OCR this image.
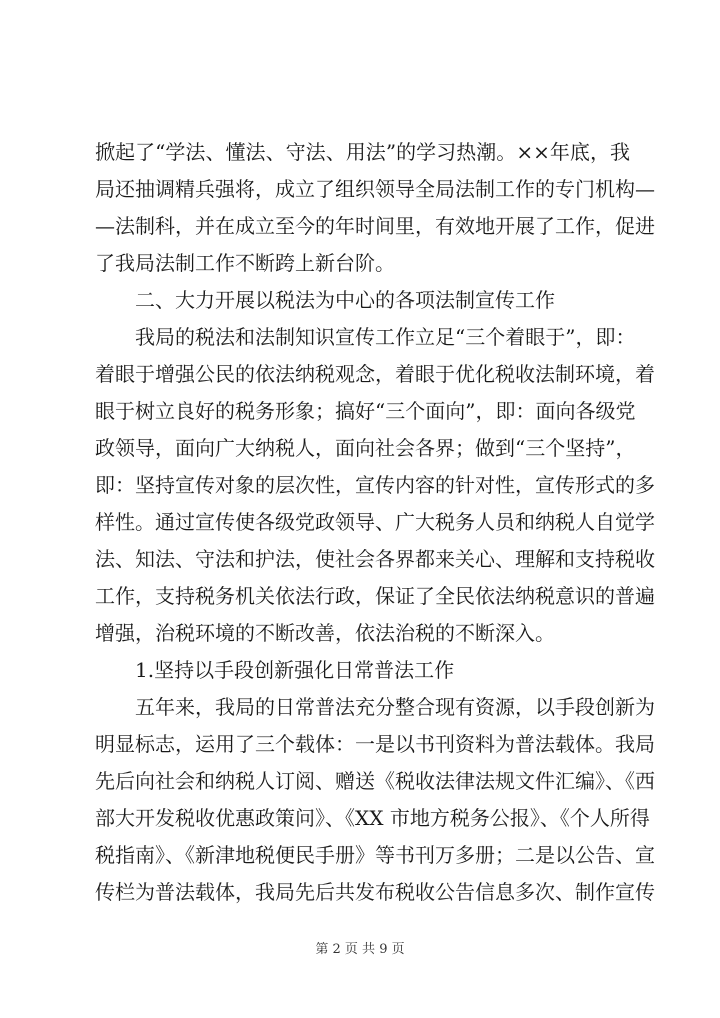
掀起了“学法、懂法、守法、用法”的学习热潮。××年底，我
局还抽调精兵强将，成立了组织领导全局法制工作的专门机构—
—法制科，并在成立至今的年时间里，有效地开展了工作，促进
了我局法制工作不断跨上新台阶。
二、大力开展以税法为中心的各项法制宣传工作
我局的税法和法制知识宣传工作立足“三个着眼于”，即：
着眼于增强公民的依法纳税观念，着眼于优化税收法制环境，着
眼于树立良好的税务形象；搞好“三个面向”，即：面向各级党
政领导，面向广大纳税人，面向社会各界；做到“三个坚持”，
即：坚持宣传对象的层次性，宣传内容的针对性，宣传形式的多
样性。通过宣传使各级党政领导、广大税务人员和纳税人自觉学
法、知法、守法和护法，使社会各界都来关心、理解和支持税收
工作，支持税务机关依法行政，保证了全民依法纳税意识的普遍
增强，治税环境的不断改善，依法治税的不断深入。
1.坚持以手段创新强化日常普法工作
五年来，我局的日常普法充分整合现有资源，以手段创新为
明显标志，运用了三个载体：一是以书刊资料为普法载体。我局
先后向社会和纳税人订阅、赠送《税收法律法规文件汇编》、《西
部大开发税收优惠政策问》、《XX 市地方税务公报》、《个人所得
税指南》、《新津地税便民手册》等书刊万多册；二是以公告、宣
传栏为普法载体，我局先后共发布税收公告信息多次、制作宣传
第 2 页 共 9 页
